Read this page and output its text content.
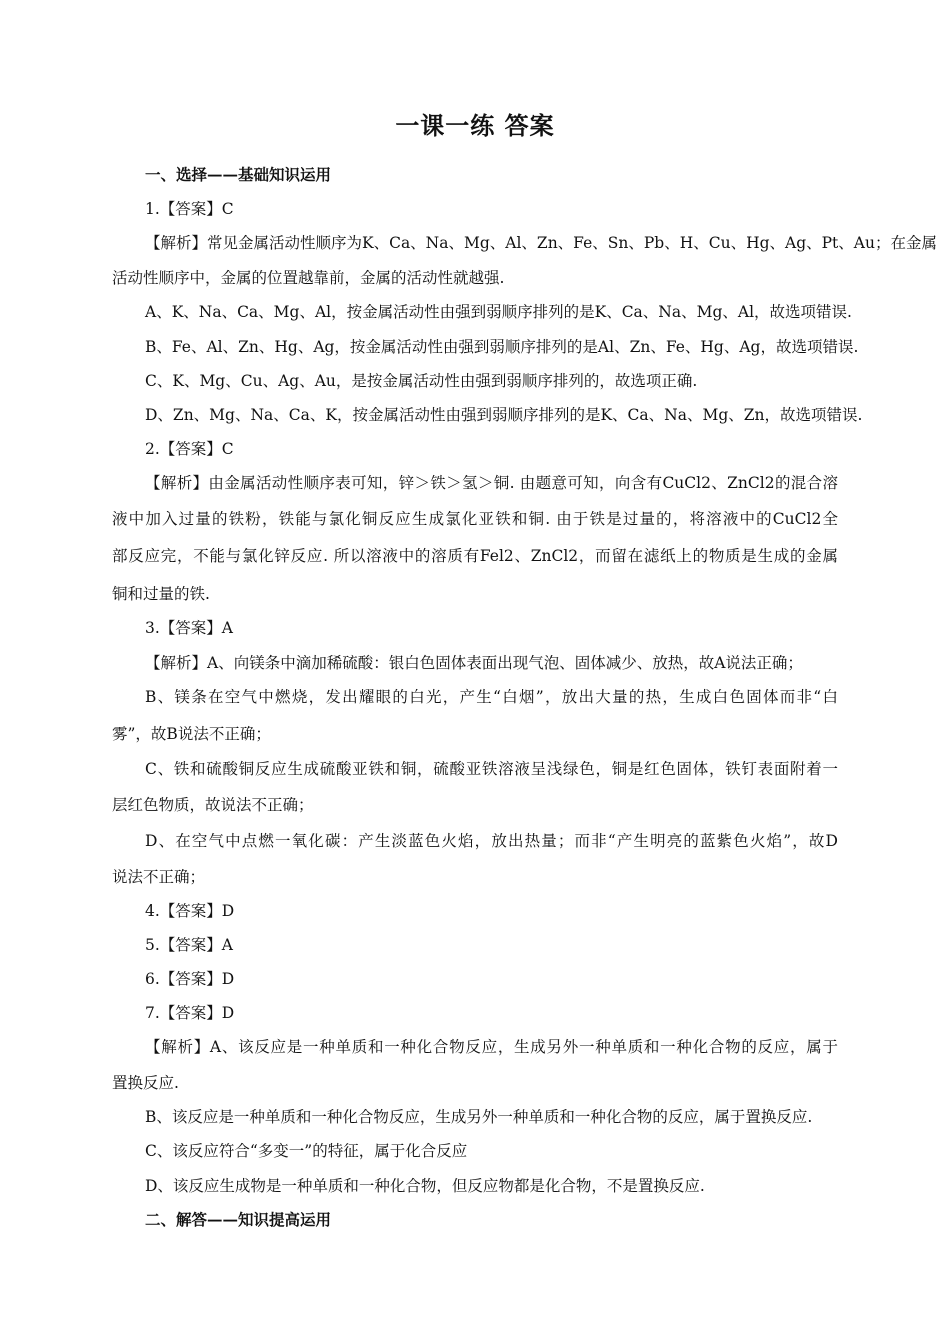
一课一练 答案
一、选择——基础知识运用
1.【答案】C
【解析】常见金属活动性顺序为K、Ca、Na、Mg、Al、Zn、Fe、Sn、Pb、H、Cu、Hg、Ag、Pt、Au；在金属
活动性顺序中，金属的位置越靠前，金属的活动性就越强.
A、K、Na、Ca、Mg、Al，按金属活动性由强到弱顺序排列的是K、Ca、Na、Mg、Al，故选项错误.
B、Fe、Al、Zn、Hg、Ag，按金属活动性由强到弱顺序排列的是Al、Zn、Fe、Hg、Ag，故选项错误.
C、K、Mg、Cu、Ag、Au，是按金属活动性由强到弱顺序排列的，故选项正确.
D、Zn、Mg、Na、Ca、K，按金属活动性由强到弱顺序排列的是K、Ca、Na、Mg、Zn，故选项错误.
2.【答案】C
【解析】由金属活动性顺序表可知，锌＞铁＞氢＞铜. 由题意可知，向含有CuCl2、ZnCl2的混合溶
液中加入过量的铁粉，铁能与氯化铜反应生成氯化亚铁和铜. 由于铁是过量的，将溶液中的CuCl2全
部反应完，不能与氯化锌反应. 所以溶液中的溶质有Fel2、ZnCl2，而留在滤纸上的物质是生成的金属
铜和过量的铁.
3.【答案】A
【解析】A、向镁条中滴加稀硫酸：银白色固体表面出现气泡、固体减少、放热，故A说法正确；
B、镁条在空气中燃烧，发出耀眼的白光，产生“白烟”，放出大量的热，生成白色固体而非“白
雾”，故B说法不正确；
C、铁和硫酸铜反应生成硫酸亚铁和铜，硫酸亚铁溶液呈浅绿色，铜是红色固体，铁钉表面附着一
层红色物质，故说法不正确；
D、在空气中点燃一氧化碳：产生淡蓝色火焰，放出热量；而非“产生明亮的蓝紫色火焰”，故D
说法不正确；
4.【答案】D
5.【答案】A
6.【答案】D
7.【答案】D
【解析】A、该反应是一种单质和一种化合物反应，生成另外一种单质和一种化合物的反应，属于
置换反应.
B、该反应是一种单质和一种化合物反应，生成另外一种单质和一种化合物的反应，属于置换反应.
C、该反应符合“多变一”的特征，属于化合反应
D、该反应生成物是一种单质和一种化合物，但反应物都是化合物，不是置换反应.
二、解答——知识提高运用
